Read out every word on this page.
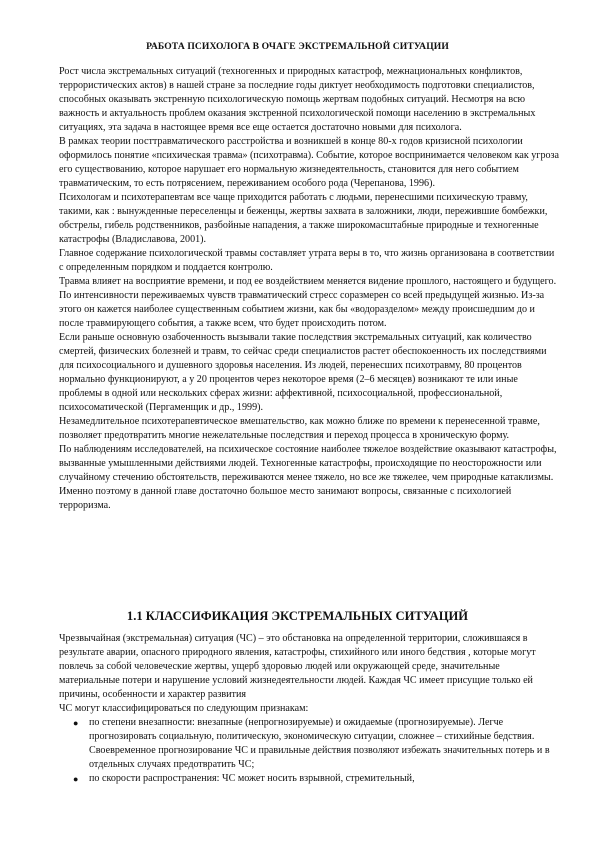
РАБОТА ПСИХОЛОГА В ОЧАГЕ ЭКСТРЕМАЛЬНОЙ СИТУАЦИИ

Рост числа экстремальных ситуаций (техногенных и природных катастроф, межнациональных конфликтов, террористических актов) в нашей стране за последние годы диктует необходимость подготовки специалистов, способных оказывать экстренную психологическую помощь жертвам подобных ситуаций. Несмотря на всю важность и актуальность проблем оказания экстренной психологической помощи населению в экстремальных ситуациях, эта задача в настоящее время все еще остается достаточно новыми для психолога.

В рамках теории посттравматического расстройства и возникшей в конце 80-х годов кризисной психологии оформилось понятие «психическая травма» (психотравма). Событие, которое воспринимается человеком как угроза его существованию, которое нарушает его нормальную жизнедеятельность, становится для него событием травматическим, то есть потрясением, переживанием особого рода (Черепанова, 1996).

Психологам и психотерапевтам все чаще приходится работать с людьми, перенесшими психическую травму, такими, как : вынужденные переселенцы и беженцы, жертвы захвата в заложники, люди, пережившие бомбежки, обстрелы, гибель родственников, разбойные нападения, а также широкомасштабные природные и техногенные катастрофы (Владиславова, 2001).

Главное содержание психологической травмы составляет утрата веры в то, что жизнь организована в соответствии с определенным порядком и поддается контролю.

Травма влияет на восприятие времени, и под ее воздействием меняется видение прошлого, настоящего и будущего. По интенсивности переживаемых чувств травматический стресс соразмерен со всей предыдущей жизнью. Из-за этого он кажется наиболее существенным событием жизни, как бы «водоразделом» между происшедшим до и после травмирующего события, а также всем, что будет происходить потом.

Если раньше основную озабоченность вызывали такие последствия экстремальных ситуаций, как количество смертей, физических болезней и травм, то сейчас среди специалистов растет обеспокоенность их последствиями для психосоциального и душевного здоровья населения. Из людей, перенесших психотравму, 80 процентов нормально функционируют, а у 20 процентов через некоторое время (2–6 месяцев) возникают те или иные проблемы в одной или нескольких сферах жизни: аффективной, психосоциальной, профессиональной, психосоматической (Пергаменщик и др., 1999).

Незамедлительное психотерапевтическое вмешательство, как можно ближе по времени к перенесенной травме, позволяет предотвратить многие нежелательные последствия и переход процесса в хроническую форму.

По наблюдениям исследователей, на психическое состояние наиболее тяжелое воздействие оказывают катастрофы, вызванные умышленными действиями людей. Техногенные катастрофы, происходящие по неосторожности или случайному стечению обстоятельств, переживаются менее тяжело, но все же тяжелее, чем природные катаклизмы. Именно поэтому в данной главе достаточно большое место занимают вопросы, связанные с психологией терроризма.

1.1 КЛАССИФИКАЦИЯ ЭКСТРЕМАЛЬНЫХ СИТУАЦИЙ

Чрезвычайная (экстремальная) ситуация (ЧС) – это обстановка на определенной территории, сложившаяся в результате аварии, опасного природного явления, катастрофы, стихийного или иного бедствия , которые могут повлечь за собой человеческие жертвы, ущерб здоровью людей или окружающей среде, значительные материальные потери и нарушение условий жизнедеятельности людей. Каждая ЧС имеет присущие только ей причины, особенности и характер развития

ЧС могут классифицироваться по следующим признакам:

● по степени внезапности: внезапные (непрогнозируемые) и ожидаемые (прогнозируемые). Легче прогнозировать социальную, политическую, экономическую ситуации, сложнее – стихийные бедствия. Своевременное прогнозирование ЧС и правильные действия позволяют избежать значительных потерь и в отдельных случаях предотвратить ЧС;
● по скорости распространения: ЧС может носить взрывной, стремительный,
